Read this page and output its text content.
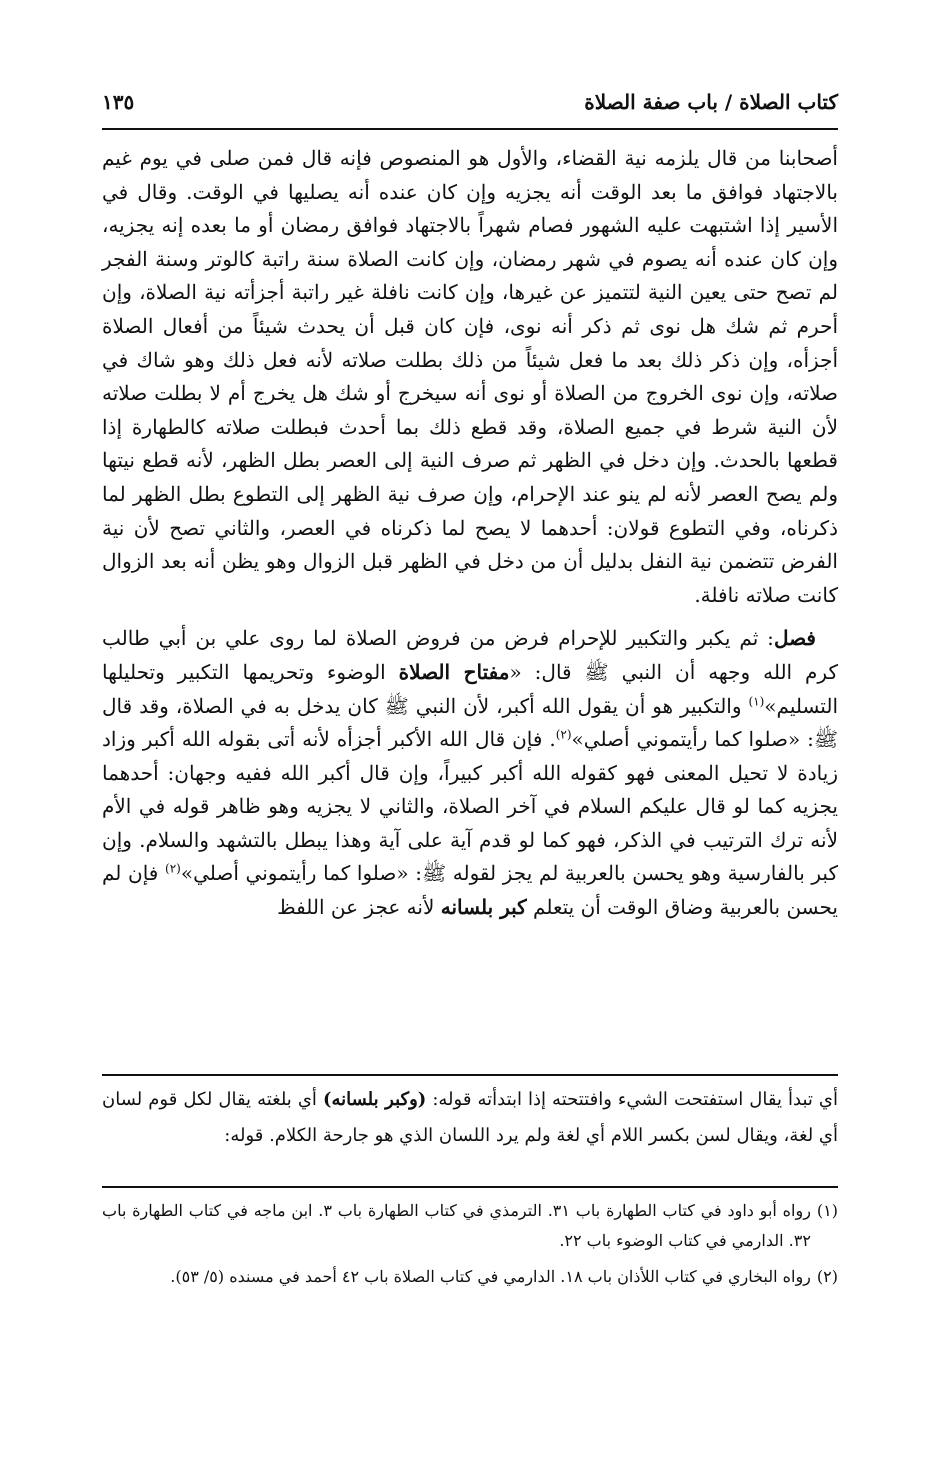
كتاب الصلاة / باب صفة الصلاة
١٣٥

أصحابنا من قال يلزمه نية القضاء، والأول هو المنصوص فإنه قال فمن صلى في يوم غيم بالاجتهاد فوافق ما بعد الوقت أنه يجزيه وإن كان عنده أنه يصليها في الوقت. وقال في الأسير إذا اشتبهت عليه الشهور فصام شهراً بالاجتهاد فوافق رمضان أو ما بعده إنه يجزيه، وإن كان عنده أنه يصوم في شهر رمضان، وإن كانت الصلاة سنة راتبة كالوتر وسنة الفجر لم تصح حتى يعين النية لتتميز عن غيرها، وإن كانت نافلة غير راتبة أجزأته نية الصلاة، وإن أحرم ثم شك هل نوى ثم ذكر أنه نوى، فإن كان قبل أن يحدث شيئاً من أفعال الصلاة أجزأه، وإن ذكر ذلك بعد ما فعل شيئاً من ذلك بطلت صلاته لأنه فعل ذلك وهو شاك في صلاته، وإن نوى الخروج من الصلاة أو نوى أنه سيخرج أو شك هل يخرج أم لا بطلت صلاته لأن النية شرط في جميع الصلاة، وقد قطع ذلك بما أحدث فبطلت صلاته كالطهارة إذا قطعها بالحدث. وإن دخل في الظهر ثم صرف النية إلى العصر بطل الظهر، لأنه قطع نيتها ولم يصح العصر لأنه لم ينو عند الإحرام، وإن صرف نية الظهر إلى التطوع بطل الظهر لما ذكرناه، وفي التطوع قولان: أحدهما لا يصح لما ذكرناه في العصر، والثاني تصح لأن نية الفرض تتضمن نية النفل بدليل أن من دخل في الظهر قبل الزوال وهو يظن أنه بعد الزوال كانت صلاته نافلة.

فصل: ثم يكبر والتكبير للإحرام فرض من فروض الصلاة لما روى علي بن أبي طالب كرم الله وجهه أن النبي ﷺ قال: «مفتاح الصلاة الوضوء وتحريمها التكبير وتحليلها التسليم»$^{(١)}$ والتكبير هو أن يقول الله أكبر، لأن النبي ﷺ كان يدخل به في الصلاة، وقد قال ﷺ: «صلوا كما رأيتموني أصلي»$^{(٢)}$. فإن قال الله الأكبر أجزأه لأنه أتى بقوله الله أكبر وزاد زيادة لا تحيل المعنى فهو كقوله الله أكبر كبيراً، وإن قال أكبر الله ففيه وجهان: أحدهما يجزيه كما لو قال عليكم السلام في آخر الصلاة، والثاني لا يجزيه وهو ظاهر قوله في الأم لأنه ترك الترتيب في الذكر، فهو كما لو قدم آية على آية وهذا يبطل بالتشهد والسلام. وإن كبر بالفارسية وهو يحسن بالعربية لم يجز لقوله ﷺ: «صلوا كما رأيتموني أصلي»$^{(٢)}$ فإن لم يحسن بالعربية وضاق الوقت أن يتعلم كبر بلسانه لأنه عجز عن اللفظ

أي تبدأ يقال استفتحت الشيء وافتتحته إذا ابتدأته قوله: (وكبر بلسانه) أي بلغته يقال لكل قوم لسان أي لغة، ويقال لسن بكسر اللام أي لغة ولم يرد اللسان الذي هو جارحة الكلام. قوله:

(١)
رواه أبو داود في كتاب الطهارة باب ٣١. الترمذي في كتاب الطهارة باب ٣. ابن ماجه في كتاب الطهارة باب ٣٢. الدارمي في كتاب الوضوء باب ٢٢.
(٢)
رواه البخاري في كتاب اللأذان باب ١٨. الدارمي في كتاب الصلاة باب ٤٢ أحمد في مسنده (٥/ ٥٣).
